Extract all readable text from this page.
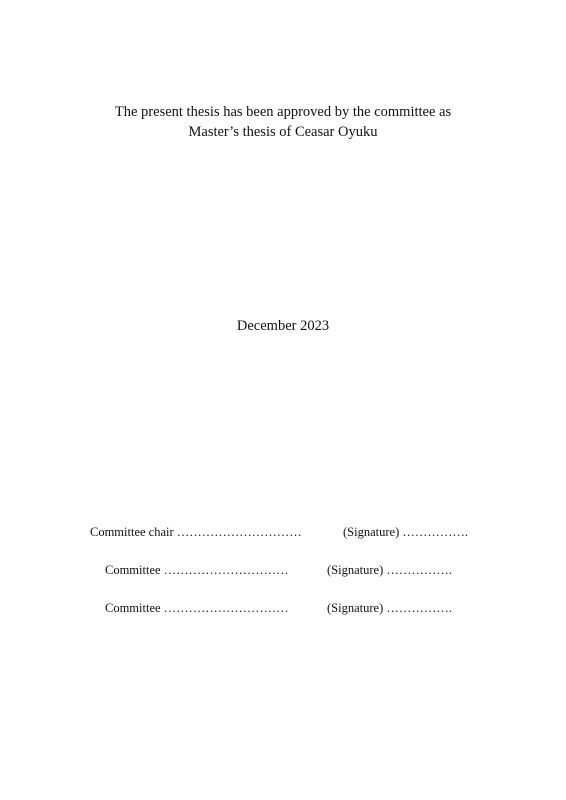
The present thesis has been approved by the committee as
Master’s thesis of Ceasar Oyuku
December 2023
Committee chair …………………………	(Signature) …………….
Committee …………………………	(Signature) …………….
Committee …………………………	(Signature) …………….
